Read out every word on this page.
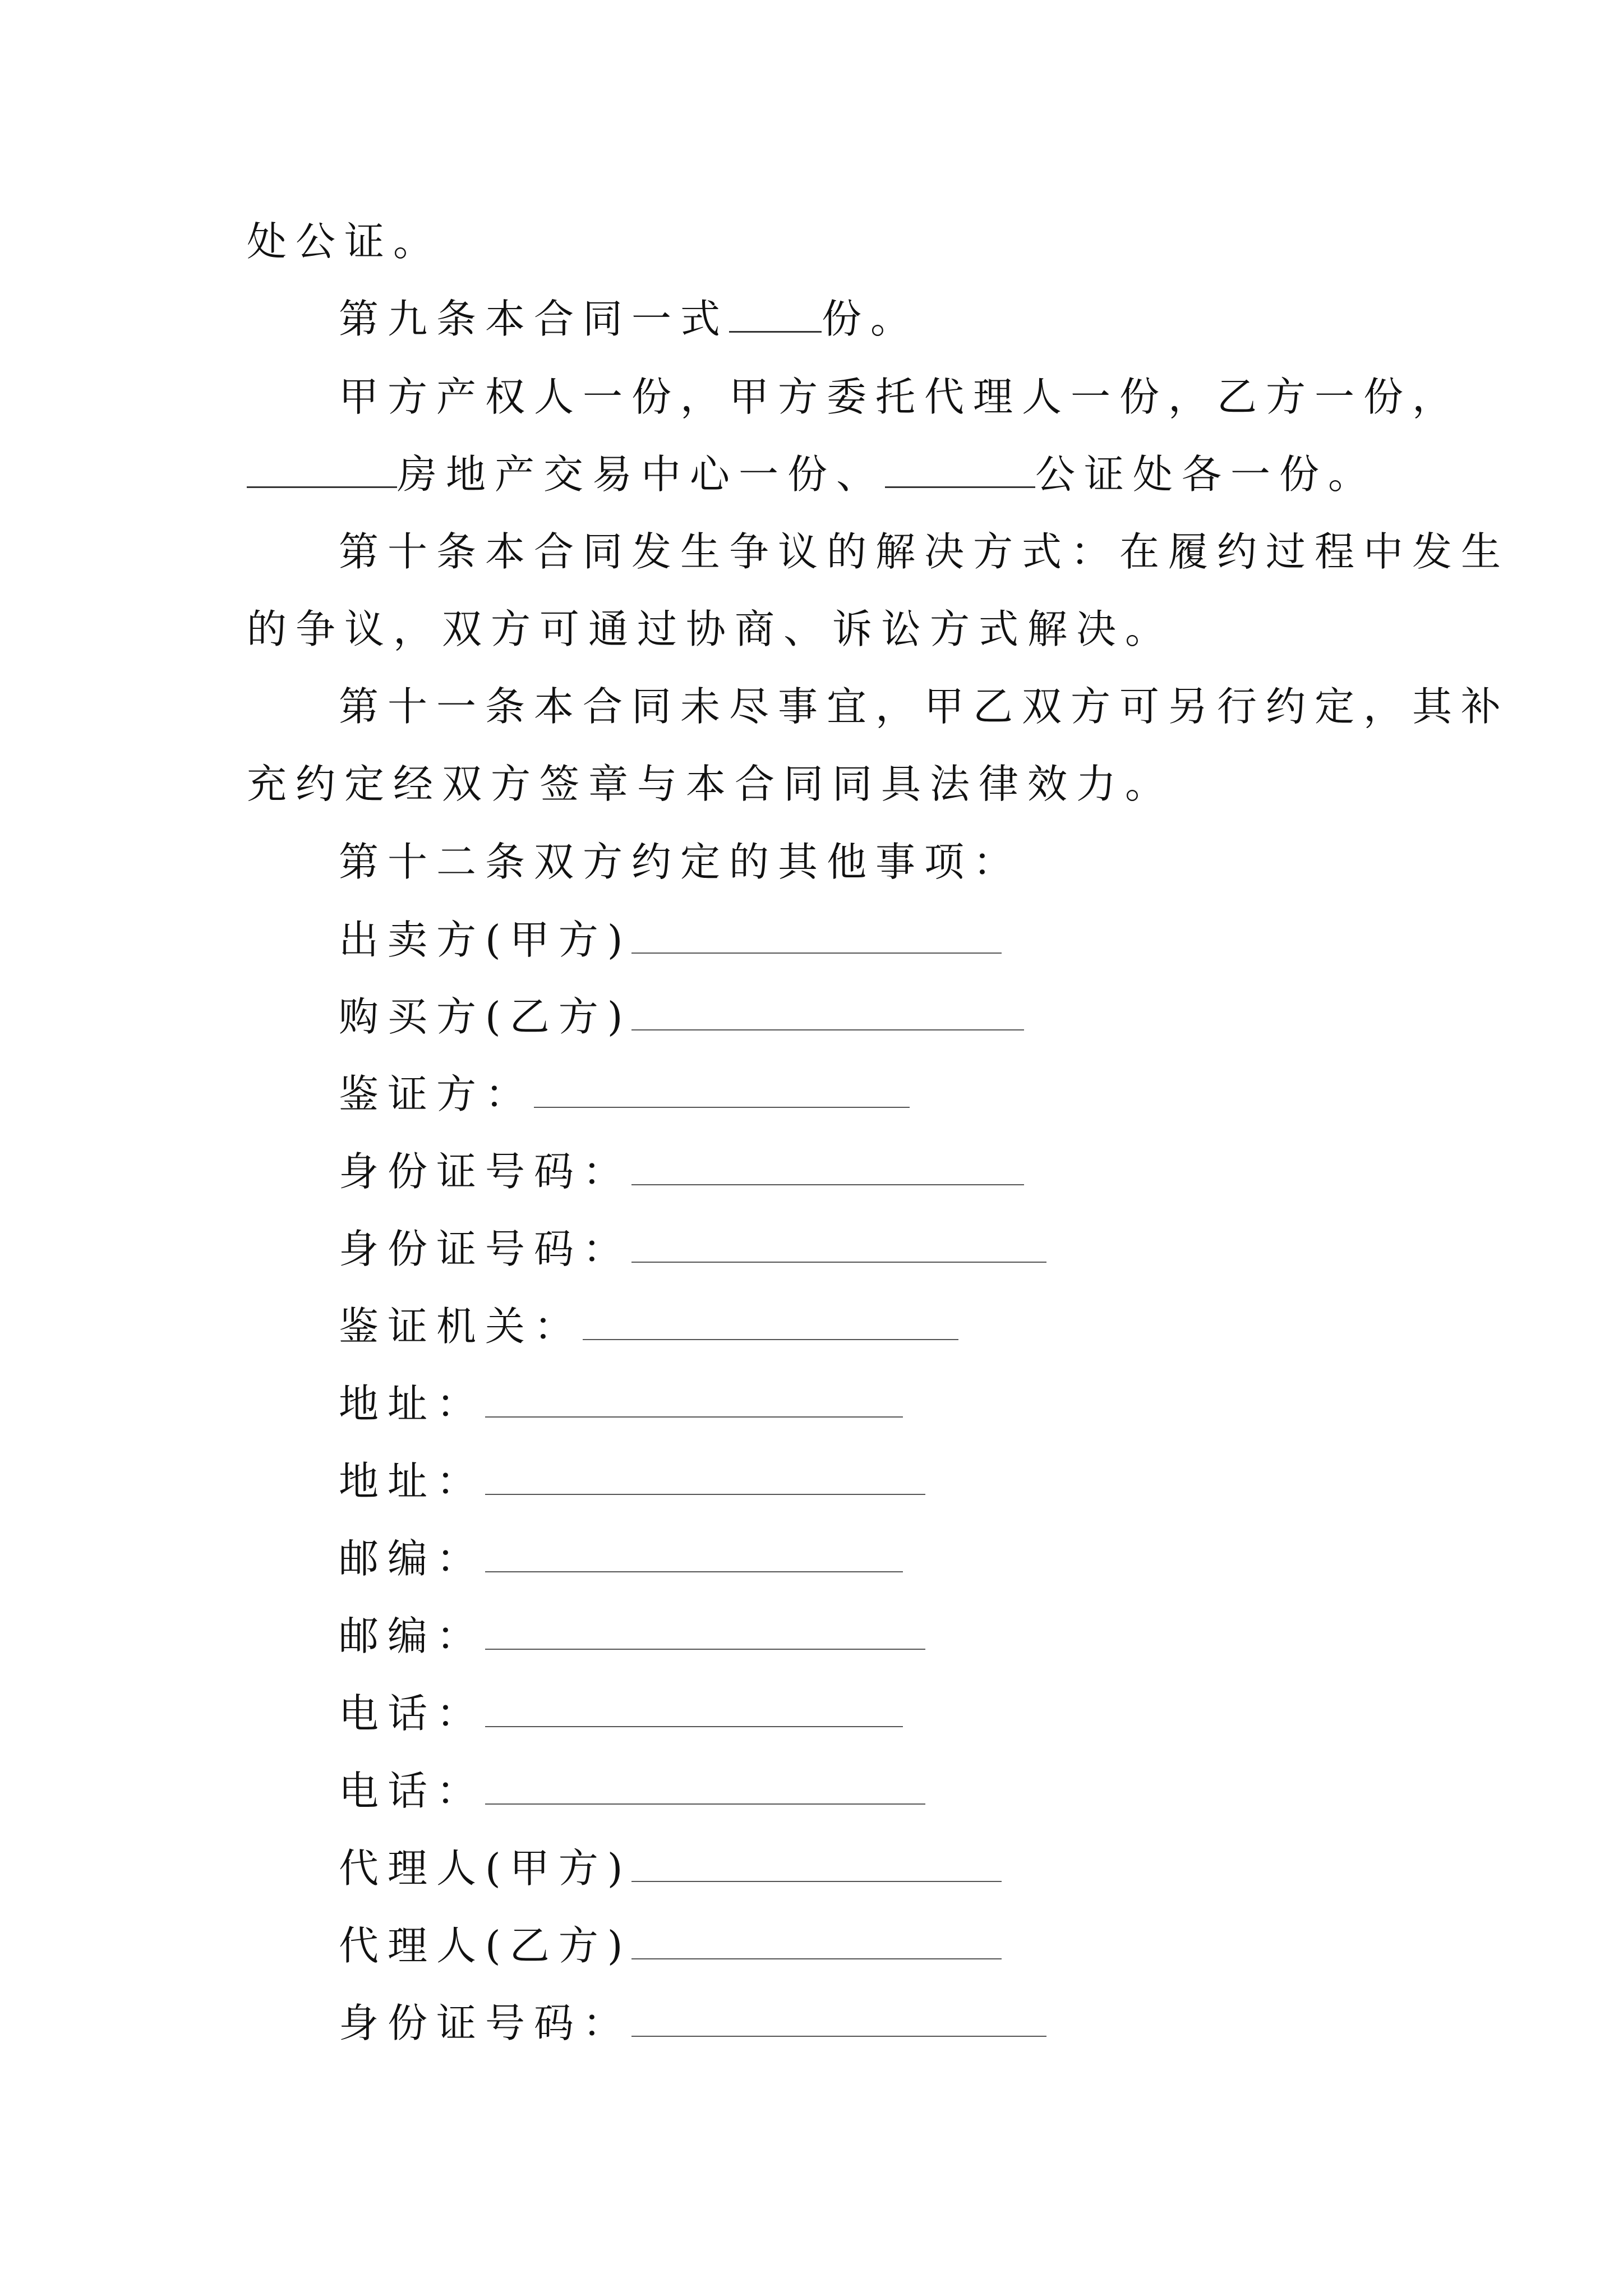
处公证。
第九条本合同一式 份。
甲方产权人一份，甲方委托代理人一份，乙方一份，
房地产交易中心一份、	公证处各一份。
第十条本合同发生争议的解决方式：在履约过程中发生
的争议，双方可通过协商、诉讼方式解决。
第十一条本合同未尽事宜，甲乙双方可另行约定，其补
充约定经双方签章与本合同同具法律效力。
第十二条双方约定的其他事项：
出卖方(甲方)
购买方(乙方)
鉴证方：
身份证号码：
身份证号码：
鉴证机关：
地址：
地址：
邮编：
邮编：
电话：
电话：
代理人(甲方)
代理人(乙方)
身份证号码：
